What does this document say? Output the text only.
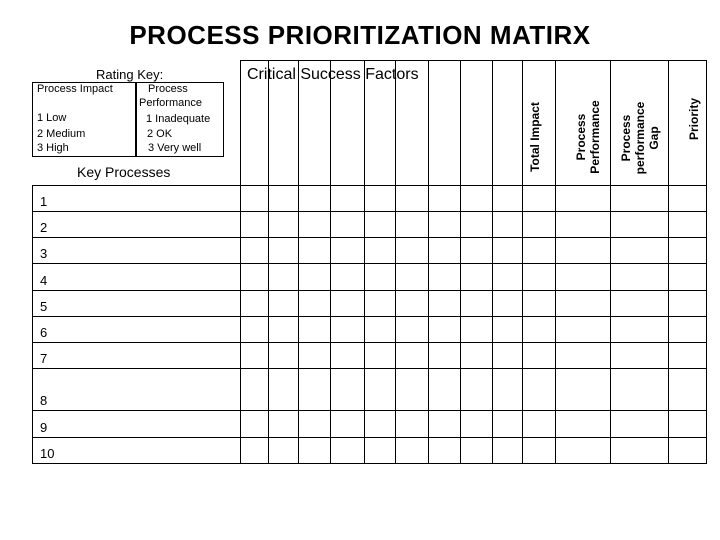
PROCESS PRIORITIZATION MATIRX
Rating Key:
Process Impact
1 Low
2 Medium
3 High
Process
Performance
1 Inadequate
2 OK
3 Very well
Key Processes
Critical Success Factors
Total Impact	Process
Performance Process
performance
Gap Priority
1
2
3
4
5
6
7
8
9
10
